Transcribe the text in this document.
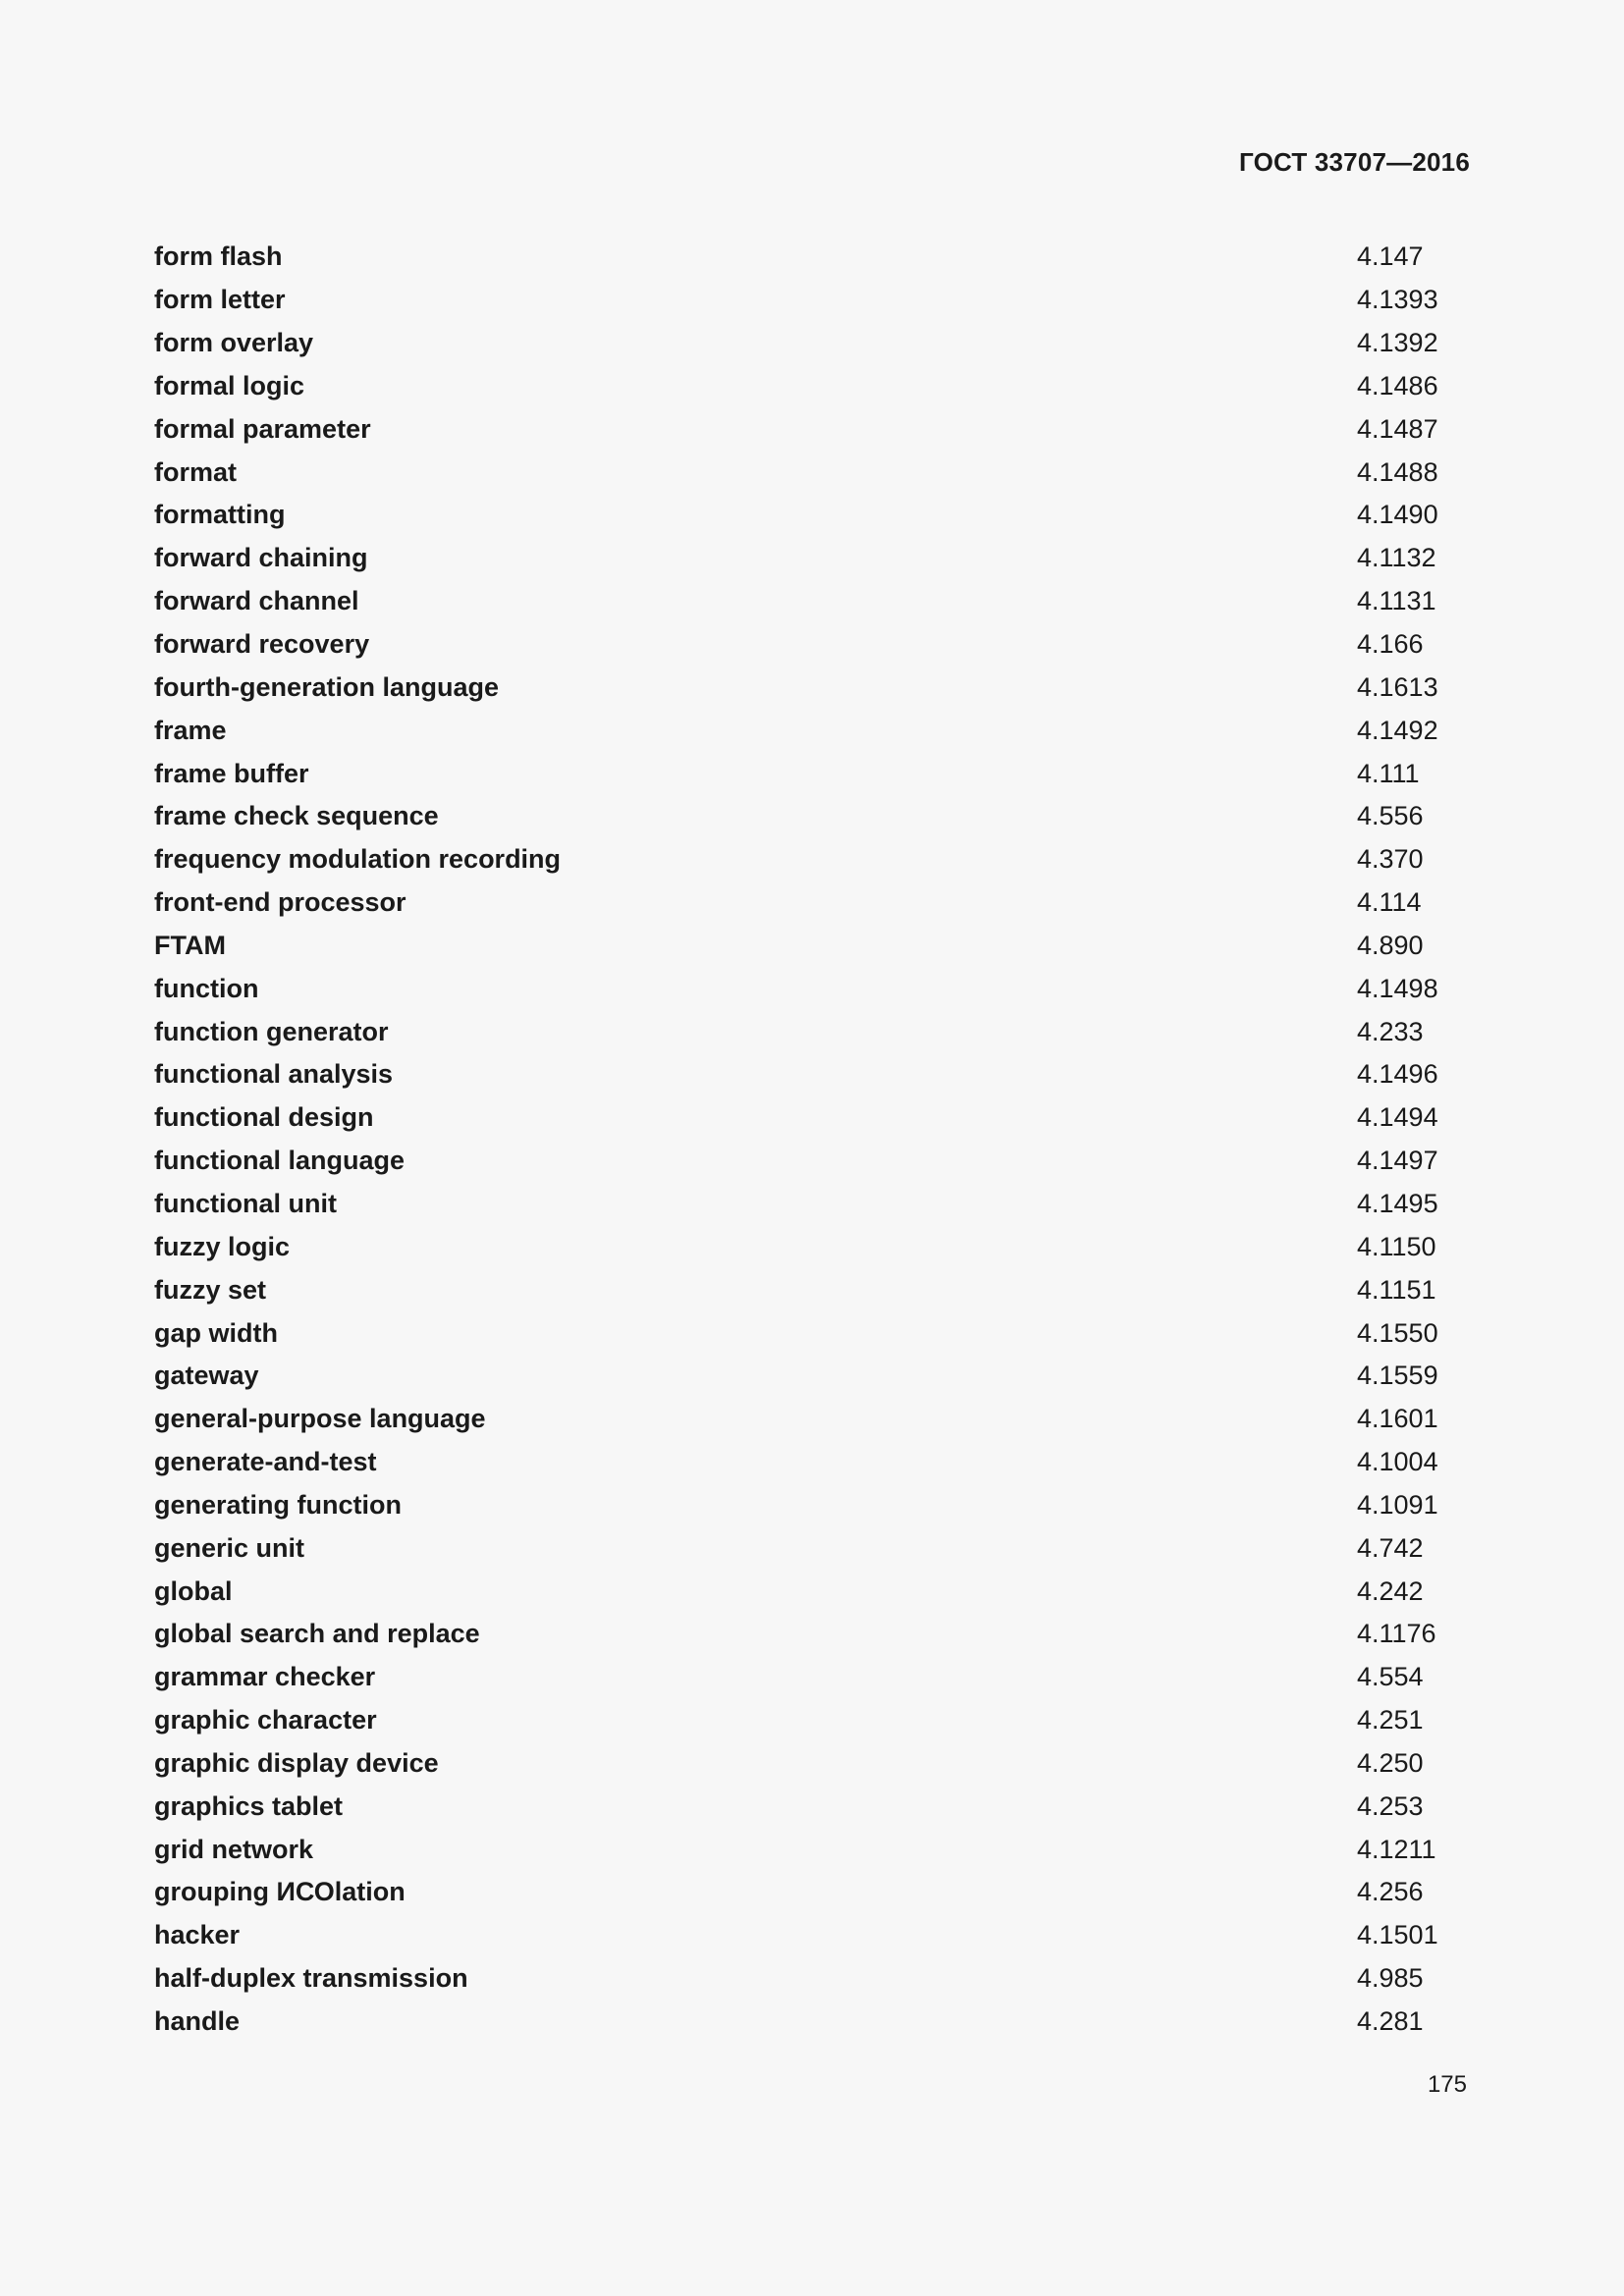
ГОСТ 33707—2016
form flash	4.147
form letter	4.1393
form overlay	4.1392
formal logic	4.1486
formal parameter	4.1487
format	4.1488
formatting	4.1490
forward chaining	4.1132
forward channel	4.1131
forward recovery	4.166
fourth-generation language	4.1613
frame	4.1492
frame buffer	4.111
frame check sequence	4.556
frequency modulation recording	4.370
front-end processor	4.114
FTAM	4.890
function	4.1498
function generator	4.233
functional analysis	4.1496
functional design	4.1494
functional language	4.1497
functional unit	4.1495
fuzzy logic	4.1150
fuzzy set	4.1151
gap width	4.1550
gateway	4.1559
general-purpose language	4.1601
generate-and-test	4.1004
generating function	4.1091
generic unit	4.742
global	4.242
global search and replace	4.1176
grammar checker	4.554
graphic character	4.251
graphic display device	4.250
graphics tablet	4.253
grid network	4.1211
grouping ИСОlation	4.256
hacker	4.1501
half-duplex transmission	4.985
handle	4.281
175
